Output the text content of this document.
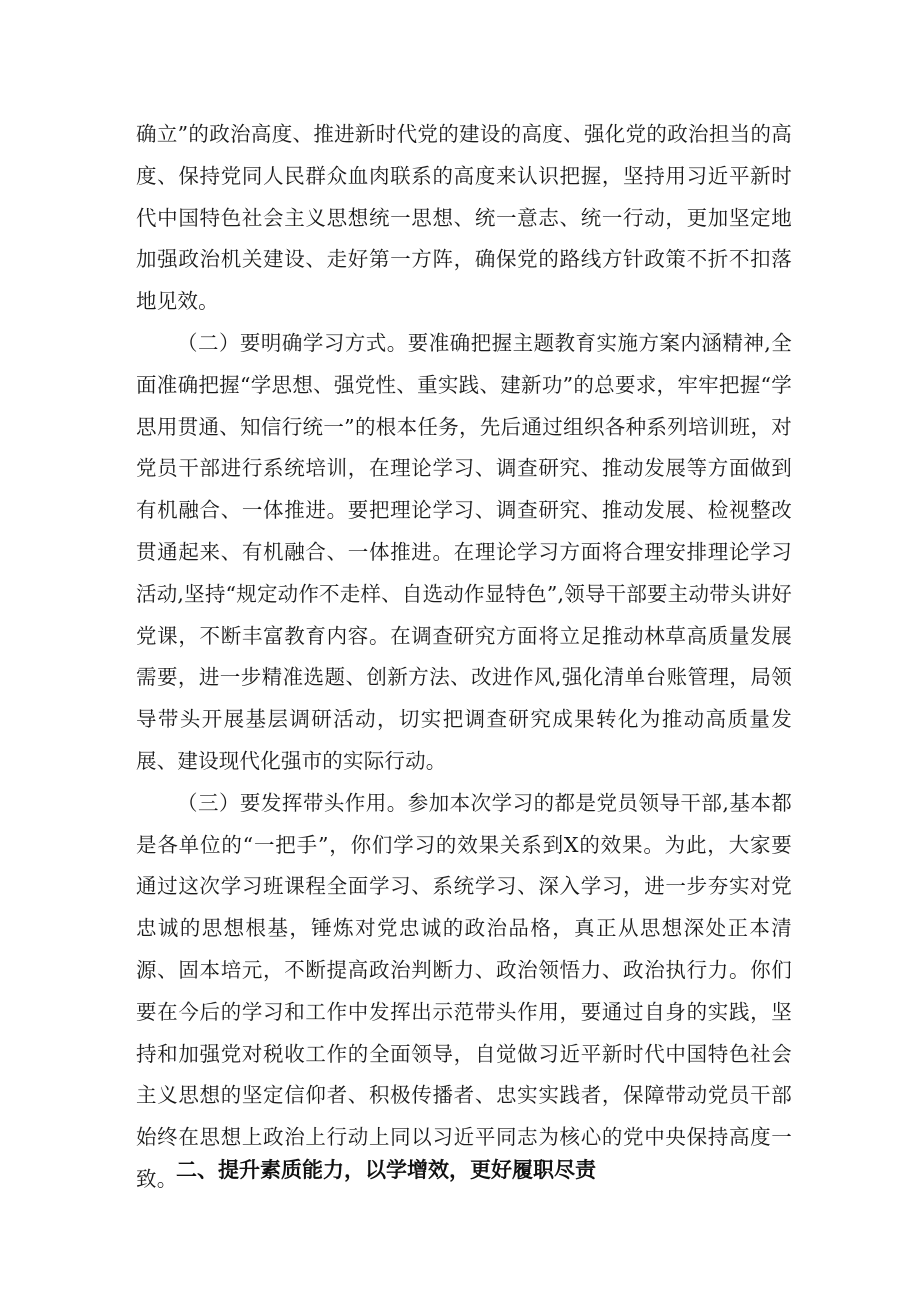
确立”的政治高度、推进新时代党的建设的高度、强化党的政治担当的高度、保持党同人民群众血肉联系的高度来认识把握，坚持用习近平新时代中国特色社会主义思想统一思想、统一意志、统一行动，更加坚定地加强政治机关建设、走好第一方阵，确保党的路线方针政策不折不扣落地见效。

（二）要明确学习方式。要准确把握主题教育实施方案内涵精神,全面准确把握“学思想、强党性、重实践、建新功”的总要求，牢牢把握“学思用贯通、知信行统一”的根本任务，先后通过组织各种系列培训班，对党员干部进行系统培训，在理论学习、调查研究、推动发展等方面做到有机融合、一体推进。要把理论学习、调查研究、推动发展、检视整改贯通起来、有机融合、一体推进。在理论学习方面将合理安排理论学习活动,坚持“规定动作不走样、自选动作显特色”,领导干部要主动带头讲好党课，不断丰富教育内容。在调查研究方面将立足推动林草高质量发展需要，进一步精准选题、创新方法、改进作风,强化清单台账管理，局领导带头开展基层调研活动，切实把调查研究成果转化为推动高质量发展、建设现代化强市的实际行动。

（三）要发挥带头作用。参加本次学习的都是党员领导干部,基本都是各单位的“一把手”，你们学习的效果关系到X的效果。为此，大家要通过这次学习班课程全面学习、系统学习、深入学习，进一步夯实对党忠诚的思想根基，锤炼对党忠诚的政治品格，真正从思想深处正本清源、固本培元，不断提高政治判断力、政治领悟力、政治执行力。你们要在今后的学习和工作中发挥出示范带头作用，要通过自身的实践，坚持和加强党对税收工作的全面领导，自觉做习近平新时代中国特色社会主义思想的坚定信仰者、积极传播者、忠实实践者，保障带动党员干部始终在思想上政治上行动上同以习近平同志为核心的党中央保持高度一致。

二、提升素质能力，以学增效，更好履职尽责
